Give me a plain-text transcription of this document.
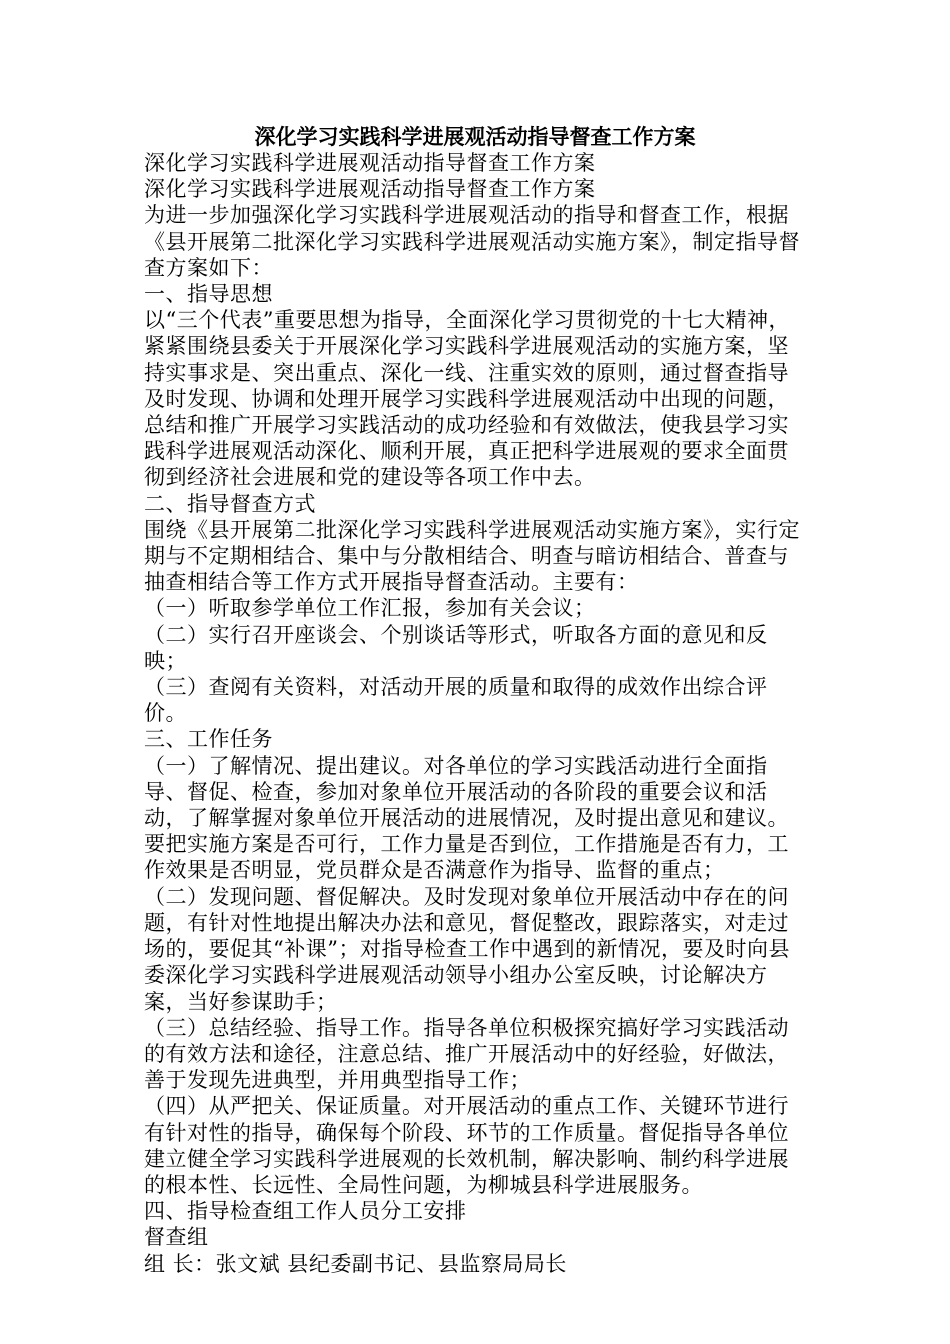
深化学习实践科学进展观活动指导督查工作方案

深化学习实践科学进展观活动指导督查工作方案

深化学习实践科学进展观活动指导督查工作方案

为进一步加强深化学习实践科学进展观活动的指导和督查工作，根据《县开展第二批深化学习实践科学进展观活动实施方案》，制定指导督查方案如下：

一、指导思想

以“三个代表”重要思想为指导，全面深化学习贯彻党的十七大精神，紧紧围绕县委关于开展深化学习实践科学进展观活动的实施方案，坚持实事求是、突出重点、深化一线、注重实效的原则，通过督查指导及时发现、协调和处理开展学习实践科学进展观活动中出现的问题，总结和推广开展学习实践活动的成功经验和有效做法，使我县学习实践科学进展观活动深化、顺利开展，真正把科学进展观的要求全面贯彻到经济社会进展和党的建设等各项工作中去。

二、指导督查方式

围绕《县开展第二批深化学习实践科学进展观活动实施方案》，实行定期与不定期相结合、集中与分散相结合、明查与暗访相结合、普查与抽查相结合等工作方式开展指导督查活动。主要有：

（一）听取参学单位工作汇报，参加有关会议；

（二）实行召开座谈会、个别谈话等形式，听取各方面的意见和反映；

（三）查阅有关资料，对活动开展的质量和取得的成效作出综合评价。

三、工作任务

（一）了解情况、提出建议。对各单位的学习实践活动进行全面指导、督促、检查，参加对象单位开展活动的各阶段的重要会议和活动，了解掌握对象单位开展活动的进展情况，及时提出意见和建议。要把实施方案是否可行，工作力量是否到位，工作措施是否有力，工作效果是否明显，党员群众是否满意作为指导、监督的重点；

（二）发现问题、督促解决。及时发现对象单位开展活动中存在的问题，有针对性地提出解决办法和意见，督促整改，跟踪落实，对走过场的，要促其“补课”；对指导检查工作中遇到的新情况，要及时向县委深化学习实践科学进展观活动领导小组办公室反映，讨论解决方案，当好参谋助手；

（三）总结经验、指导工作。指导各单位积极探究搞好学习实践活动的有效方法和途径，注意总结、推广开展活动中的好经验，好做法，善于发现先进典型，并用典型指导工作；

（四）从严把关、保证质量。对开展活动的重点工作、关键环节进行有针对性的指导，确保每个阶段、环节的工作质量。督促指导各单位建立健全学习实践科学进展观的长效机制，解决影响、制约科学进展的根本性、长远性、全局性问题，为柳城县科学进展服务。

四、指导检查组工作人员分工安排

督查组

组 长：张文斌 县纪委副书记、县监察局局长
